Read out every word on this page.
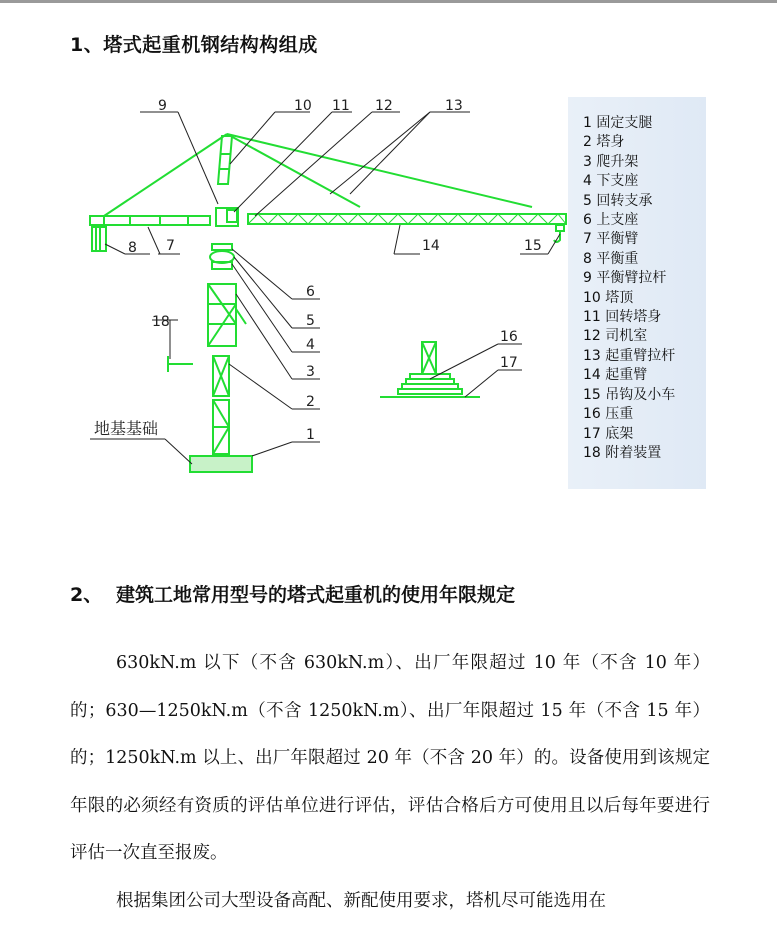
1、塔式起重机钢结构构组成
9	10 11 12	13
8 7	14	15
6
5
4
3
18
2
1
16
17
地基基础
1 固定支腿
2 塔身
3 爬升架
4 下支座
5 回转支承
6 上支座
7 平衡臂
8 平衡重
9 平衡臂拉杆
10 塔顶
11 回转塔身
12 司机室
13 起重臂拉杆
14 起重臂
15 吊钩及小车
16 压重
17 底架
18 附着装置
2、 建筑工地常用型号的塔式起重机的使用年限规定
630kN.m 以下（不含 630kN.m）、出厂年限超过 10 年（不含 10 年）的；630—1250kN.m（不含 1250kN.m）、出厂年限超过 15 年（不含 15 年）的；1250kN.m 以上、出厂年限超过 20 年（不含 20 年）的。设备使用到该规定年限的必须经有资质的评估单位进行评估，评估合格后方可使用且以后每年要进行评估一次直至报废。
根据集团公司大型设备高配、新配使用要求，塔机尽可能选用在
